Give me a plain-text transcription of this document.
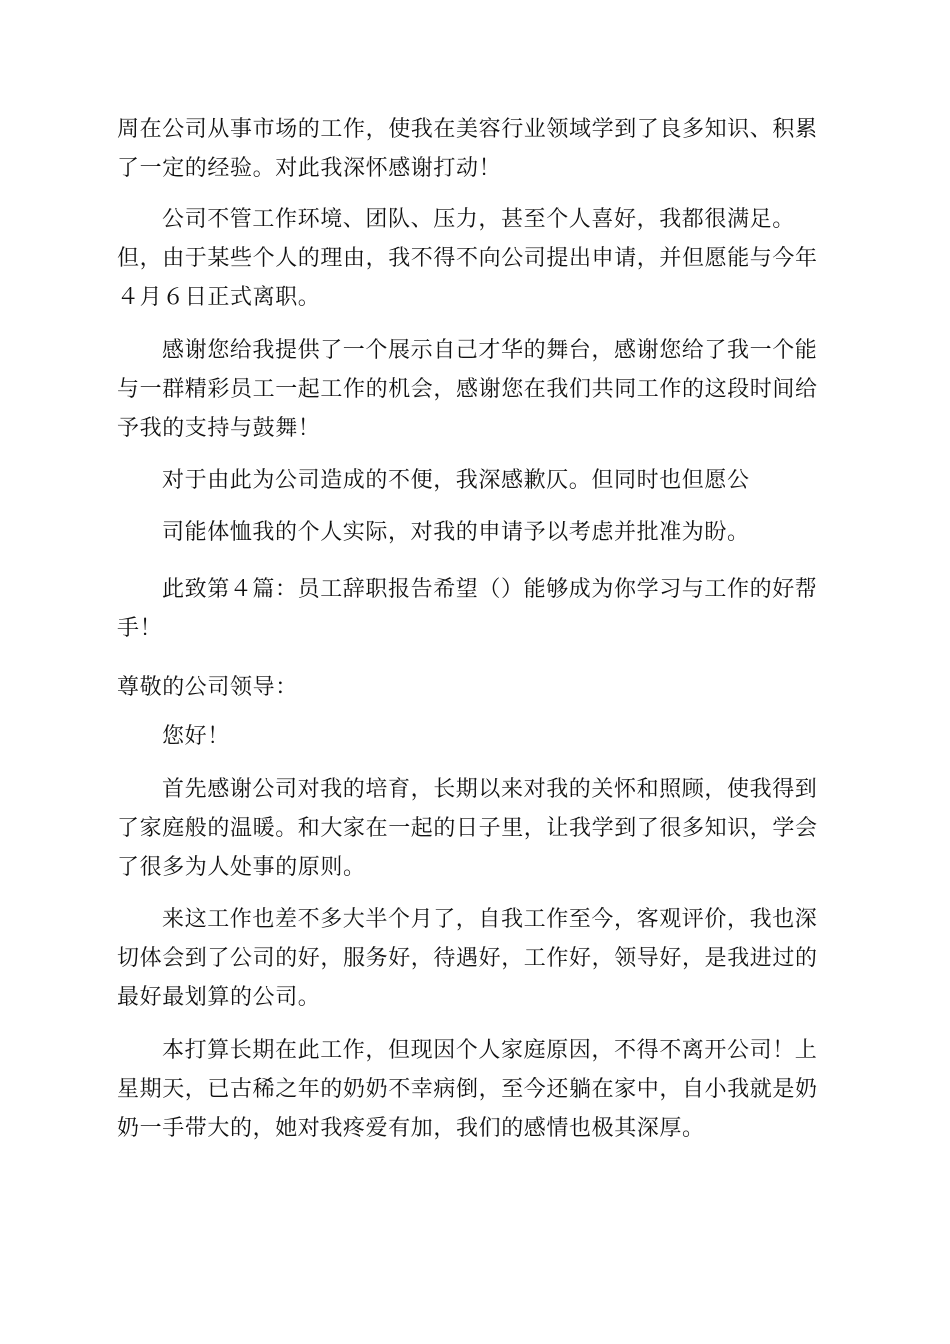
周在公司从事市场的工作，使我在美容行业领域学到了良多知识、积累了一定的经验。对此我深怀感谢打动！

公司不管工作环境、团队、压力，甚至个人喜好，我都很满足。但，由于某些个人的理由，我不得不向公司提出申请，并但愿能与今年４月６日正式离职。

感谢您给我提供了一个展示自己才华的舞台，感谢您给了我一个能与一群精彩员工一起工作的机会，感谢您在我们共同工作的这段时间给予我的支持与鼓舞！

对于由此为公司造成的不便，我深感歉仄。但同时也但愿公

司能体恤我的个人实际，对我的申请予以考虑并批准为盼。

此致第４篇：员工辞职报告希望（）能够成为你学习与工作的好帮手！

尊敬的公司领导：

您好！

首先感谢公司对我的培育，长期以来对我的关怀和照顾，使我得到了家庭般的温暖。和大家在一起的日子里，让我学到了很多知识，学会了很多为人处事的原则。

来这工作也差不多大半个月了，自我工作至今，客观评价，我也深切体会到了公司的好，服务好，待遇好，工作好，领导好，是我进过的最好最划算的公司。

本打算长期在此工作，但现因个人家庭原因，不得不离开公司！上星期天，已古稀之年的奶奶不幸病倒，至今还躺在家中，自小我就是奶奶一手带大的，她对我疼爱有加，我们的感情也极其深厚。
